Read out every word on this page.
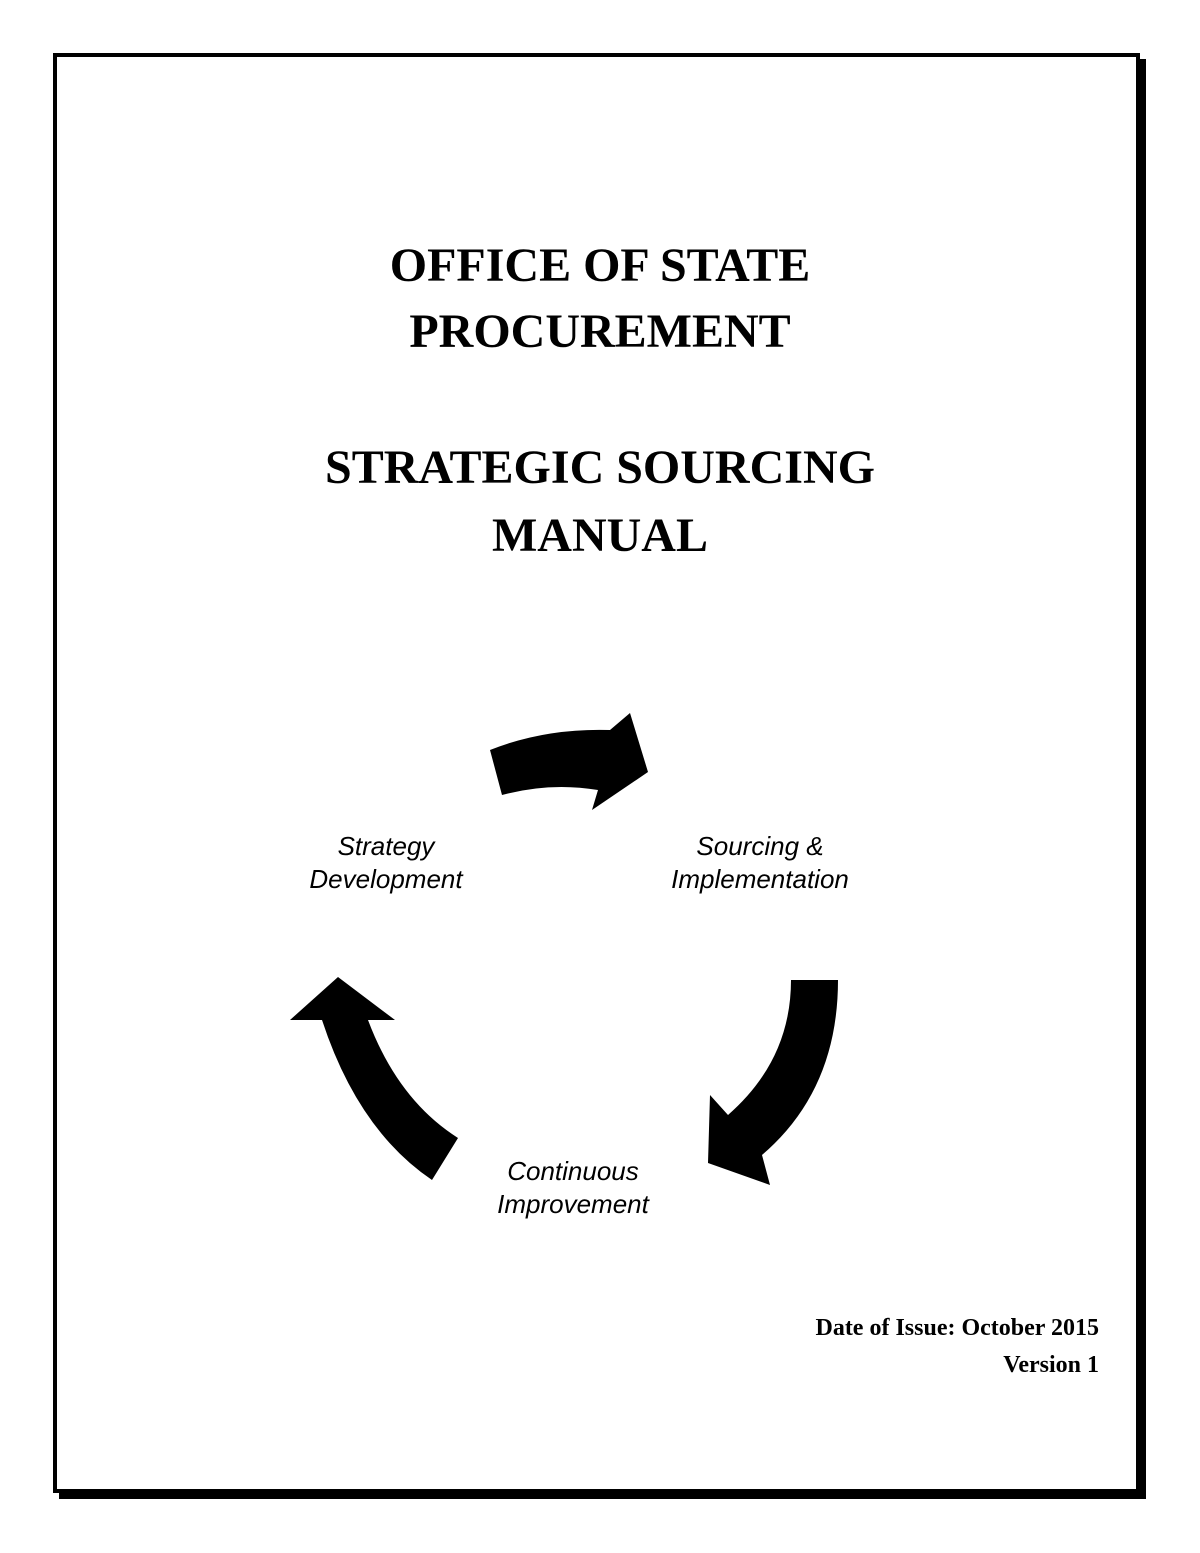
OFFICE OF STATE
PROCUREMENT
STRATEGIC SOURCING
MANUAL
Strategy
Development
Sourcing &
Implementation
Continuous
Improvement
Date of Issue: October 2015
Version 1
